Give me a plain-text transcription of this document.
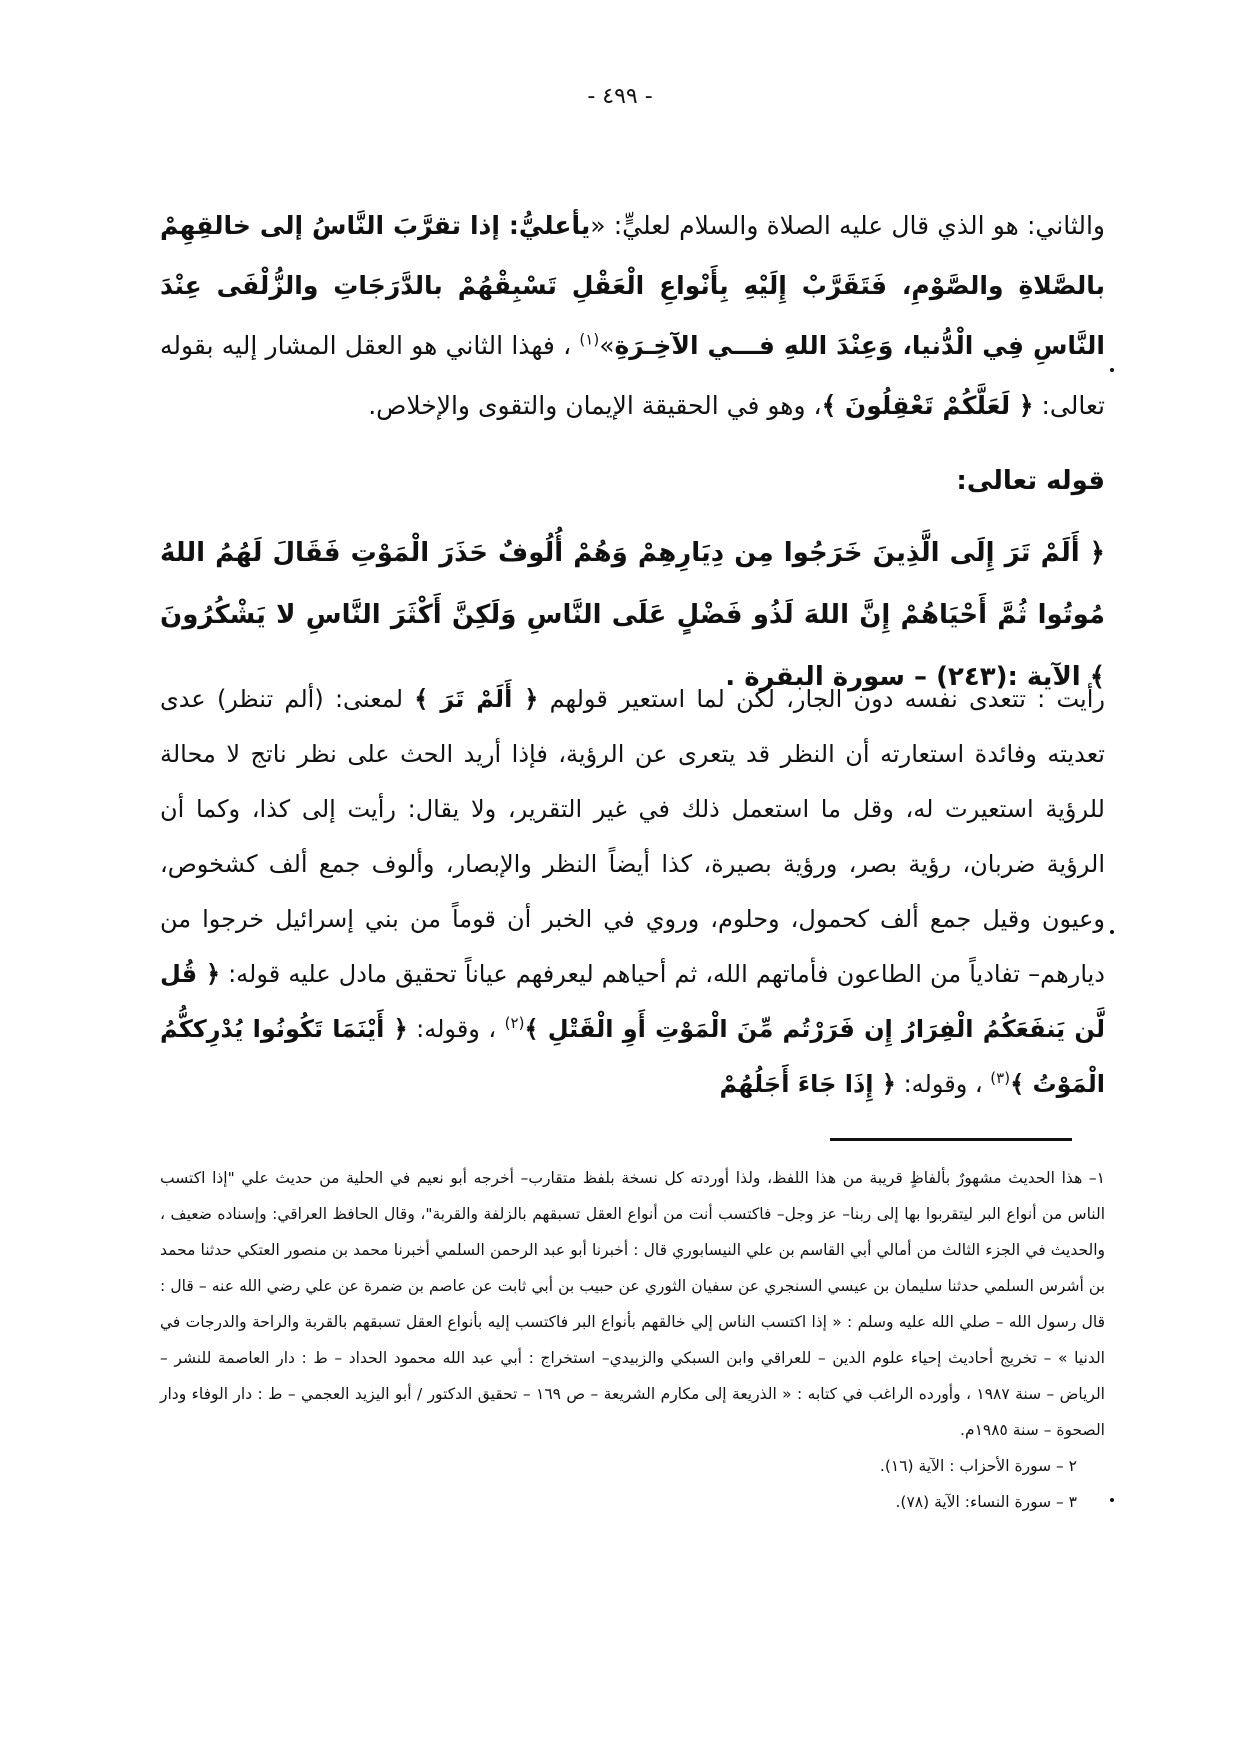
- ٤٩٩ -
والثاني: هو الذي قال عليه الصلاة والسلام لعليٍّ: «يأعليُّ: إذا تقرَّبَ النَّاسُ إلى خالقِهِمْ بالصَّلاةِ والصَّوْمِ، فَتَقَرَّبْ إِلَيْهِ بِأَنْواعِ الْعَقْلِ تَسْبِقْهُمْ بالدَّرَجَاتِ والزُّلْفَى عِنْدَ النَّاسِ فِي الْدُّنيا، وَعِنْدَ اللهِ فـــي الآخِـرَةِ»$^{(١)}$ ، فهذا الثاني هو العقل المشار إليه بقوله تعالى: ﴿ لَعَلَّكُمْ تَعْقِلُونَ ﴾، وهو في الحقيقة الإيمان والتقوى والإخلاص.
قوله تعالى:
﴿ أَلَمْ تَرَ إِلَى الَّذِينَ خَرَجُوا مِن دِيَارِهِمْ وَهُمْ أُلُوفٌ حَذَرَ الْمَوْتِ فَقَالَ لَهُمُ اللهُ مُوتُوا ثُمَّ أَحْيَاهُمْ إِنَّ اللهَ لَذُو فَضْلٍ عَلَى النَّاسِ وَلَكِنَّ أَكْثَرَ النَّاسِ لا يَشْكُرُونَ ﴾ الآية :(٢٤٣) – سورة البقرة .
رأيت : تتعدى نفسه دون الجار، لكن لما استعير قولهم ﴿ أَلَمْ تَرَ ﴾ لمعنى: (ألم تنظر) عدى تعديته وفائدة استعارته أن النظر قد يتعرى عن الرؤية، فإذا أريد الحث على نظر ناتج لا محالة للرؤية استعيرت له، وقل ما استعمل ذلك في غير التقرير، ولا يقال: رأيت إلى كذا، وكما أن الرؤية ضربان، رؤية بصر، ورؤية بصيرة، كذا أيضاً النظر والإبصار، وألوف جمع ألف كشخوص، وعيون وقيل جمع ألف كحمول، وحلوم، وروي في الخبر أن قوماً من بني إسرائيل خرجوا من ديارهم– تفادياً من الطاعون فأماتهم الله، ثم أحياهم ليعرفهم عياناً تحقيق مادل عليه قوله: ﴿ قُل لَّن يَنفَعَكُمُ الْفِرَارُ إِن فَرَرْتُم مِّنَ الْمَوْتِ أَوِ الْقَتْلِ ﴾$^{(٢)}$ ، وقوله: ﴿ أَيْنَمَا تَكُونُوا يُدْرِككُّمُ الْمَوْتُ ﴾$^{(٣)}$ ، وقوله: ﴿ إِذَا جَاءَ أَجَلُهُمْ

١– هذا الحديث مشهورٌ بألفاظٍ قريبة من هذا اللفظ، ولذا أوردته كل نسخة بلفظ متقارب– أخرجه أبو نعيم في الحلية من حديث علي "إذا اكتسب الناس من أنواع البر ليتقربوا بها إلى ربنا– عز وجل– فاكتسب أنت من أنواع العقل تسبقهم بالزلفة والقربة"، وقال الحافظ العراقي: وإسناده ضعيف ، والحديث في الجزء الثالث من أمالي أبي القاسم بن علي النيسابوري قال : أخبرنا أبو عبد الرحمن السلمي أخبرنا محمد بن منصور العتكي حدثنا محمد بن أشرس السلمي حدثنا سليمان بن عيسي السنجري عن سفيان الثوري عن حبيب بن أبي ثابت عن عاصم بن ضمرة عن علي رضي الله عنه – قال : قال رسول الله – صلي الله عليه وسلم : « إذا اكتسب الناس إلي خالقهم بأنواع البر فاكتسب إليه بأنواع العقل تسبقهم بالقربة والراحة والدرجات في الدنيا » – تخريج أحاديث إحياء علوم الدين – للعراقي وابن السبكي والزبيدي– استخراج : أبي عبد الله محمود الحداد – ط : دار العاصمة للنشر – الرياض – سنة ١٩٨٧ ، وأورده الراغب في كتابه : « الذريعة إلى مكارم الشريعة – ص ١٦٩ – تحقيق الدكتور / أبو اليزيد العجمي – ط : دار الوفاء ودار الصحوة – سنة ١٩٨٥م.

٢ – سورة الأحزاب : الآية (١٦).

٣ – سورة النساء: الآية (٧٨).
